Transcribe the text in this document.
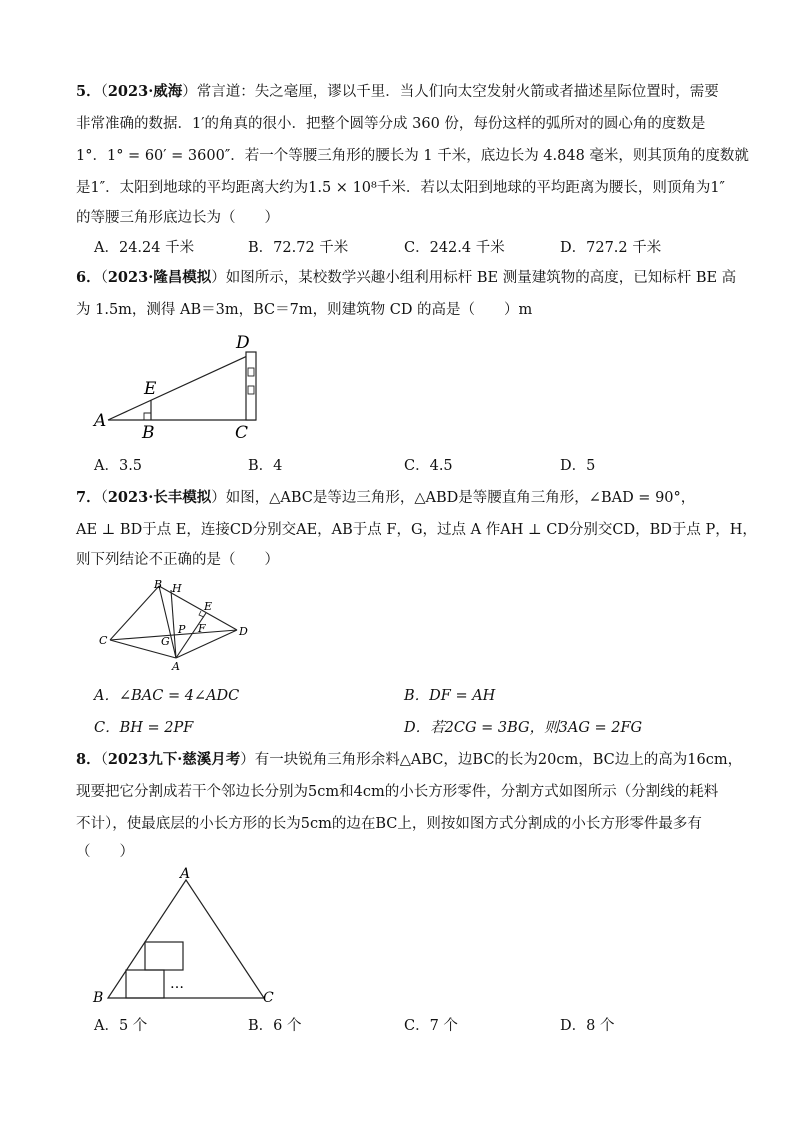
5．（2023·威海）常言道：失之毫厘，谬以千里．当人们向太空发射火箭或者描述星际位置时，需要
非常准确的数据．1′的角真的很小．把整个圆等分成 360 份，每份这样的弧所对的圆心角的度数是
1°．1° = 60′ = 3600″．若一个等腰三角形的腰长为 1 千米，底边长为 4.848 毫米，则其顶角的度数就
是1″．太阳到地球的平均距离大约为1.5 × 10⁸千米．若以太阳到地球的平均距离为腰长，则顶角为1″
的等腰三角形底边长为（　　）
A．24.24 千米	B．72.72 千米	C．242.4 千米	D．727.2 千米
6．（2023·隆昌模拟）如图所示，某校数学兴趣小组利用标杆 BE 测量建筑物的高度，已知标杆 BE 高
为 1.5m，测得 AB＝3m，BC＝7m，则建筑物 CD 的高是（　　）m
A
B	C
D
E
A．3.5	B．4	C．4.5	D．5
7．（2023·长丰模拟）如图，△ABC是等边三角形，△ABD是等腰直角三角形，∠BAD = 90°，
AE ⊥ BD于点 E，连接CD分别交AE，AB于点 F，G，过点 A 作AH ⊥ CD分别交CD，BD于点 P，H，
则下列结论不正确的是（　　）
B H
E
F
P
G
C
D
A
A．∠BAC = 4∠ADC	B．DF = AH
C．BH = 2PF	D．若2CG = 3BG，则3AG = 2FG
8．（2023九下·慈溪月考）有一块锐角三角形余料△ABC，边BC的长为20cm，BC边上的高为16cm，
现要把它分割成若干个邻边长分别为5cm和4cm的小长方形零件，分割方式如图所示（分割线的耗料
不计），使最底层的小长方形的长为5cm的边在BC上，则按如图方式分割成的小长方形零件最多有
（　　）
…
A
B	C
A．5 个	B．6 个	C．7 个	D．8 个
